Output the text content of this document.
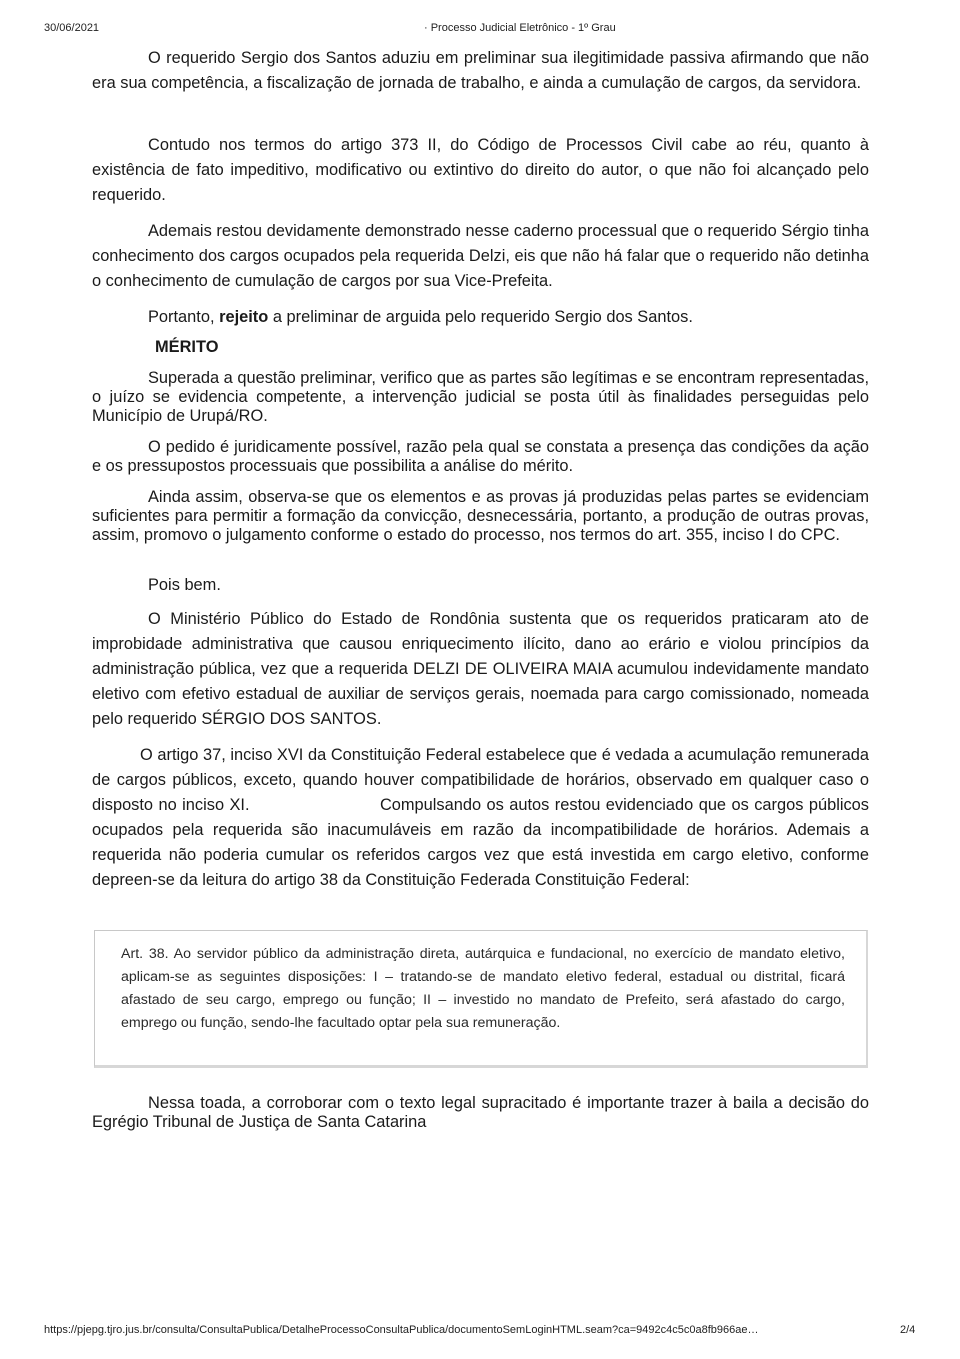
30/06/2021	· Processo Judicial Eletrônico - 1º Grau

O requerido Sergio dos Santos aduziu em preliminar sua ilegitimidade passiva afirmando que não era sua competência, a fiscalização de jornada de trabalho, e ainda a cumulação de cargos, da servidora.

Contudo nos termos do artigo 373 II, do Código de Processos Civil cabe ao réu, quanto à existência de fato impeditivo, modificativo ou extintivo do direito do autor, o que não foi alcançado pelo requerido.

Ademais restou devidamente demonstrado nesse caderno processual que o requerido Sérgio tinha conhecimento dos cargos ocupados pela requerida Delzi, eis que não há falar que o requerido não detinha o conhecimento de cumulação de cargos por sua Vice-Prefeita.

Portanto, rejeito a preliminar de arguida pelo requerido Sergio dos Santos.

MÉRITO

Superada a questão preliminar, verifico que as partes são legítimas e se encontram representadas, o juízo se evidencia competente, a intervenção judicial se posta útil às finalidades perseguidas pelo Município de Urupá/RO.

O pedido é juridicamente possível, razão pela qual se constata a presença das condições da ação e os pressupostos processuais que possibilita a análise do mérito.

Ainda assim, observa-se que os elementos e as provas já produzidas pelas partes se evidenciam suficientes para permitir a formação da convicção, desnecessária, portanto, a produção de outras provas, assim, promovo o julgamento conforme o estado do processo, nos termos do art. 355, inciso I do CPC.

Pois bem.

O Ministério Público do Estado de Rondônia sustenta que os requeridos praticaram ato de improbidade administrativa que causou enriquecimento ilícito, dano ao erário e violou princípios da administração pública, vez que a requerida DELZI DE OLIVEIRA MAIA acumulou indevidamente mandato eletivo com efetivo estadual de auxiliar de serviços gerais, noemada para cargo comissionado, nomeada pelo requerido SÉRGIO DOS SANTOS.

O artigo 37, inciso XVI da Constituição Federal estabelece que é vedada a acumulação remunerada de cargos públicos, exceto, quando houver compatibilidade de horários, observado em qualquer caso o disposto no inciso XI.                        Compulsando os autos restou evidenciado que os cargos públicos ocupados pela requerida são inacumuláveis em razão da incompatibilidade de horários. Ademais a requerida não poderia cumular os referidos cargos vez que está investida em cargo eletivo, conforme depreen-se da leitura do artigo 38 da Constituição Federada Constituição Federal:

Art. 38. Ao servidor público da administração direta, autárquica e fundacional, no exercício de mandato eletivo, aplicam-se as seguintes disposições: I – tratando-se de mandato eletivo federal, estadual ou distrital, ficará afastado de seu cargo, emprego ou função; II – investido no mandato de Prefeito, será afastado do cargo, emprego ou função, sendo-lhe facultado optar pela sua remuneração.

Nessa toada, a corroborar com o texto legal supracitado é importante trazer à baila a decisão do Egrégio Tribunal de Justiça de Santa Catarina

https://pjepg.tjro.jus.br/consulta/ConsultaPublica/DetalheProcessoConsultaPublica/documentoSemLoginHTML.seam?ca=9492c4c5c0a8fb966ae…	2/4
